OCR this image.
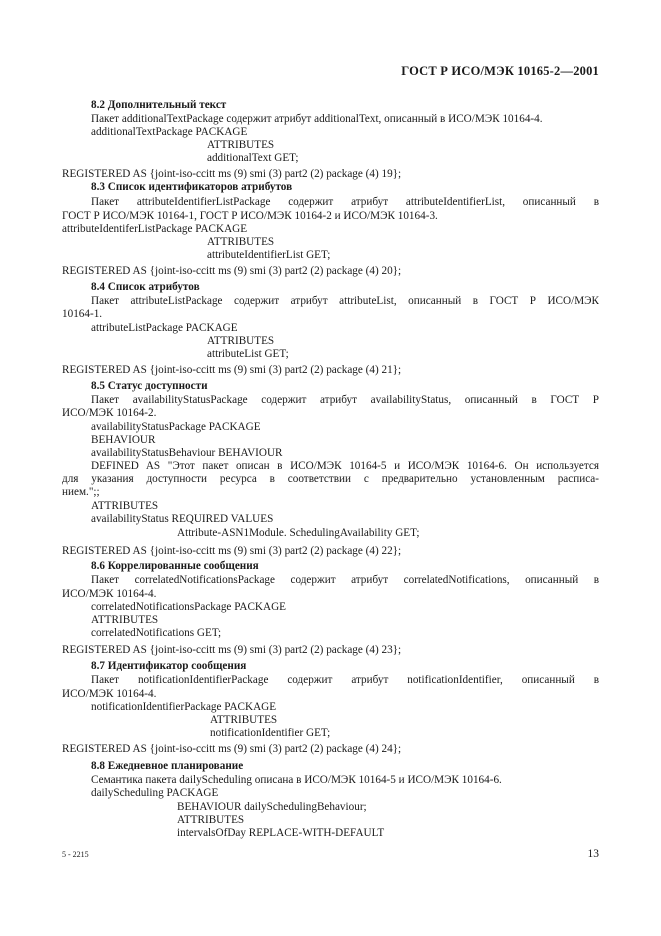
ГОСТ Р ИСО/МЭК 10165-2—2001
8.2 Дополнительный текст
Пакет additionalTextPackage содержит атрибут additionalText, описанный в ИСО/МЭК 10164-4.
additionalTextPackage PACKAGE
ATTRIBUTES
additionalText GET;
REGISTERED AS {joint-iso-ccitt ms (9) smi (3) part2 (2) package (4) 19};
8.3 Список идентификаторов атрибутов
Пакет attributeIdentifierListPackage содержит атрибут attributeIdentifierList, описанный в
ГОСТ Р ИСО/МЭК 10164-1, ГОСТ Р ИСО/МЭК 10164-2 и ИСО/МЭК 10164-3.
attributeIdentiferListPackage PACKAGE
ATTRIBUTES
attributeIdentifierList GET;
REGISTERED AS {joint-iso-ccitt ms (9) smi (3) part2 (2) package (4) 20};
8.4 Список атрибутов
Пакет attributeListPackage содержит атрибут attributeList, описанный в ГОСТ Р ИСО/МЭК
10164-1.
attributeListPackage PACKAGE
ATTRIBUTES
attributeList GET;
REGISTERED AS {joint-iso-ccitt ms (9) smi (3) part2 (2) package (4) 21};
8.5 Статус доступности
Пакет availabilityStatusPackage содержит атрибут availabilityStatus, описанный в ГОСТ Р
ИСО/МЭК 10164-2.
availabilityStatusPackage PACKAGE
BEHAVIOUR
availabilityStatusBehaviour BEHAVIOUR
DEFINED AS "Этот пакет описан в ИСО/МЭК 10164-5 и ИСО/МЭК 10164-6. Он используется
для указания доступности ресурса в соответствии с предварительно установленным расписа-
нием.";;
ATTRIBUTES
availabilityStatus REQUIRED VALUES
Attribute-ASN1Module. SchedulingAvailability GET;
REGISTERED AS {joint-iso-ccitt ms (9) smi (3) part2 (2) package (4) 22};
8.6 Коррелированные сообщения
Пакет correlatedNotificationsPackage содержит атрибут correlatedNotifications, описанный в
ИСО/МЭК 10164-4.
correlatedNotificationsPackage PACKAGE
ATTRIBUTES
correlatedNotifications GET;
REGISTERED AS {joint-iso-ccitt ms (9) smi (3) part2 (2) package (4) 23};
8.7 Идентификатор сообщения
Пакет notificationIdentifierPackage содержит атрибут notificationIdentifier, описанный в
ИСО/МЭК 10164-4.
notificationIdentifierPackage PACKAGE
ATTRIBUTES
notificationIdentifier GET;
REGISTERED AS {joint-iso-ccitt ms (9) smi (3) part2 (2) package (4) 24};
8.8 Ежедневное планирование
Семантика пакета dailyScheduling описана в ИСО/МЭК 10164-5 и ИСО/МЭК 10164-6.
dailyScheduling PACKAGE
BEHAVIOUR dailySchedulingBehaviour;
ATTRIBUTES
intervalsOfDay REPLACE-WITH-DEFAULT
5 - 2215	13
